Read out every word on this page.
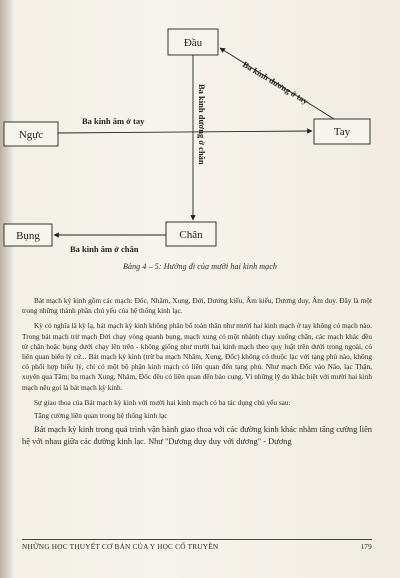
Đầu
Ngực	Tay
Chân
Bụng
Ba kinh âm ở tay
Ba kinh dương ở tay
Ba kinh dương ở chân
Ba kinh âm ở chân
Bảng 4 – 5: Hướng đi của mười hai kinh mạch

Bát mạch kỳ kinh gồm các mạch: Đốc, Nhâm, Xung, Đới, Dương kiểu, Âm kiểu, Dương duy, Âm duy. Đây là một trong những thành phần chủ yếu của hệ thống kinh lạc.

Kỳ có nghĩa là kỳ lạ, bát mạch kỳ kinh không phân bố toàn thân như mười hai kinh mạch ở tay không có mạch nào. Trong bát mạch trừ mạch Đới chạy vòng quanh bụng, mạch xung có một nhánh chạy xuống chân, các mạch khác đều từ chân hoặc bụng dưới chạy lên trên - không giống như mười hai kinh mạch theo quy luật trên dưới trong ngoài, có liên quan biểu lý cứ... Bát mạch kỳ kinh (trừ ba mạch Nhâm, Xung, Đốc) không có thuộc lạc với tạng phủ nào, không có phối hợp biểu lý, chỉ có một bộ phận kinh mạch có liên quan đến tạng phủ. Như mạch Đốc vào Não, lạc Thận, xuyên qua Tâm; ba mạch Xung, Nhâm, Đốc đều có liên quan đến bào cung. Vì những lý do khác biệt với mười hai kinh mạch nêu gọi là bát mạch kỳ kinh.

Sự giao thoa của Bát mạch kỳ kinh với mười hai kinh mạch có ba tác dụng chủ yếu sau:

Tăng cường liên quan trong hệ thống kinh lạc

Bát mạch kỳ kinh trong quá trình vận hành giao thoa với các đường kinh khác nhằm tăng cường liên hệ với nhau giữa các đường kinh lạc. Như "Dương duy duy với dương" - Dương

NHỮNG HỌC THUYẾT CƠ BẢN CỦA Y HỌC CỔ TRUYỀN	179
